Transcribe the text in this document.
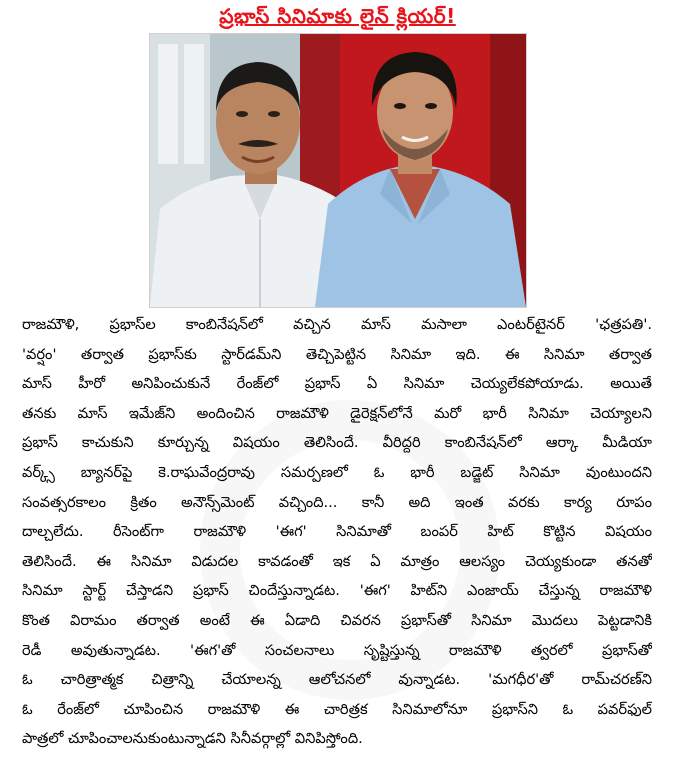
ప్రభాస్ సినిమాకు లైన్ క్లియర్!
రాజమౌళి, ప్రభాస్‌ల కాంబినేషన్‌లో వచ్చిన మాస్ మసాలా ఎంటర్‌టైనర్ 'ఛత్రపతి'.
'వర్షం' తర్వాత ప్రభాస్‌కు స్టార్‌డమ్‌ని తెచ్చిపెట్టిన సినిమా ఇది. ఈ సినిమా తర్వాత
మాస్ హీరో అనిపించుకునే రేంజ్‌లో ప్రభాస్ ఏ సినిమా చెయ్యలేకపోయాడు. అయితే
తనకు మాస్ ఇమేజ్‌ని అందించిన రాజమౌళి డైరెక్షన్‌లోనే మరో భారీ సినిమా చెయ్యాలని
ప్రభాస్ కాచుకుని కూర్చున్న విషయం తెలిసిందే. వీరిద్దరి కాంబినేషన్‌లో ఆర్కా మీడియా
వర్క్స్ బ్యానర్‌పై కె.రాఘవేంద్రరావు సమర్పణలో ఓ భారీ బడ్జెట్ సినిమా వుంటుందని
సంవత్సరకాలం క్రితం అనౌన్స్‌మెంట్ వచ్చింది... కానీ అది ఇంత వరకు కార్య రూపం
దాల్చలేదు. రీసెంట్‌గా రాజమౌళి 'ఈగ' సినిమాతో బంపర్ హిట్ కొట్టిన విషయం
తెలిసిందే. ఈ సినిమా విడుదల కావడంతో ఇక ఏ మాత్రం ఆలస్యం చెయ్యకుండా తనతో
సినిమా స్టార్ట్ చేస్తాడని ప్రభాస్ చిందేస్తున్నాడట. 'ఈగ' హిట్‌ని ఎంజాయ్ చేస్తున్న రాజమౌళి
కొంత విరామం తర్వాత అంటే ఈ ఏడాది చివరన ప్రభాస్‌తో సినిమా మొదలు పెట్టడానికి
రెడీ అవుతున్నాడట. 'ఈగ'తో సంచలనాలు సృష్టిస్తున్న రాజమౌళి త్వరలో ప్రభాస్‌తో
ఓ చారిత్రాత్మక చిత్రాన్ని చేయాలన్న ఆలోచనలో వున్నాడట. 'మగధీర'తో రామ్‌చరణ్‌ని
ఓ రేంజ్‌లో చూపించిన రాజమౌళి ఈ చారిత్రక సినిమాలోనూ ప్రభాస్‌ని ఓ పవర్‌ఫుల్
పాత్రలో చూపించాలనుకుంటున్నాడని సినీవర్గాల్లో వినిపిస్తోంది.
